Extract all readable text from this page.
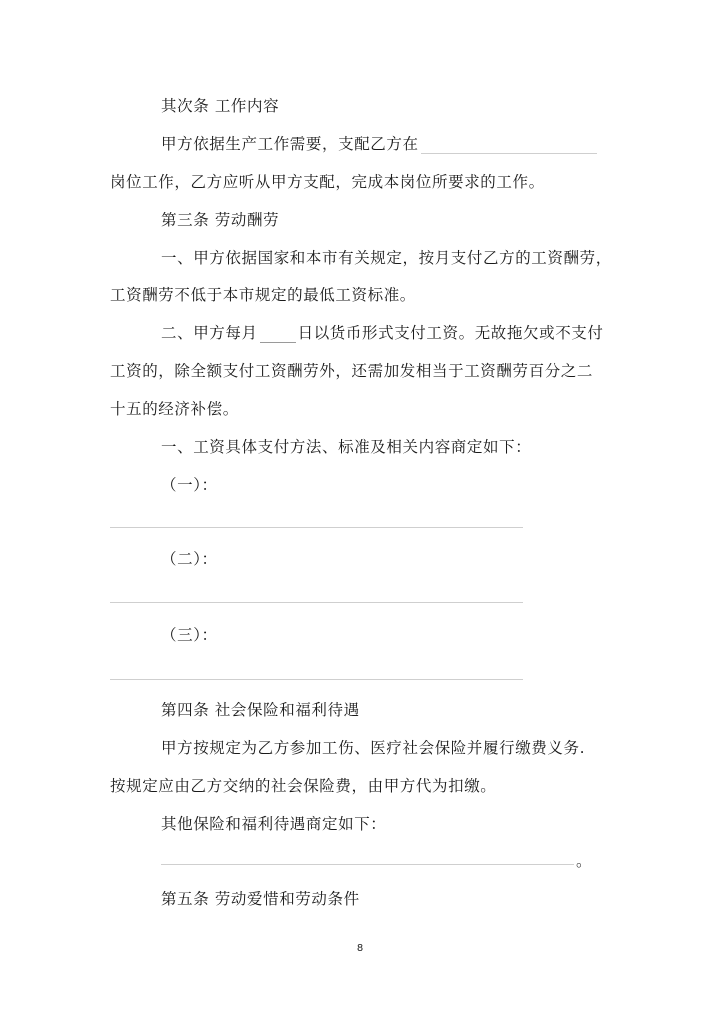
其次条 工作内容
甲方依据生产工作需要，支配乙方在
岗位工作，乙方应听从甲方支配，完成本岗位所要求的工作。
第三条 劳动酬劳
一、甲方依据国家和本市有关规定，按月支付乙方的工资酬劳，
工资酬劳不低于本市规定的最低工资标准。
二、甲方每月	日以货币形式支付工资。无故拖欠或不支付
工资的，除全额支付工资酬劳外，还需加发相当于工资酬劳百分之二
十五的经济补偿。
一、工资具体支付方法、标准及相关内容商定如下：
（一）：
（二）：
（三）：
第四条 社会保险和福利待遇
甲方按规定为乙方参加工伤、医疗社会保险并履行缴费义务.
按规定应由乙方交纳的社会保险费，由甲方代为扣缴。
其他保险和福利待遇商定如下：
。
第五条 劳动爱惜和劳动条件
8
